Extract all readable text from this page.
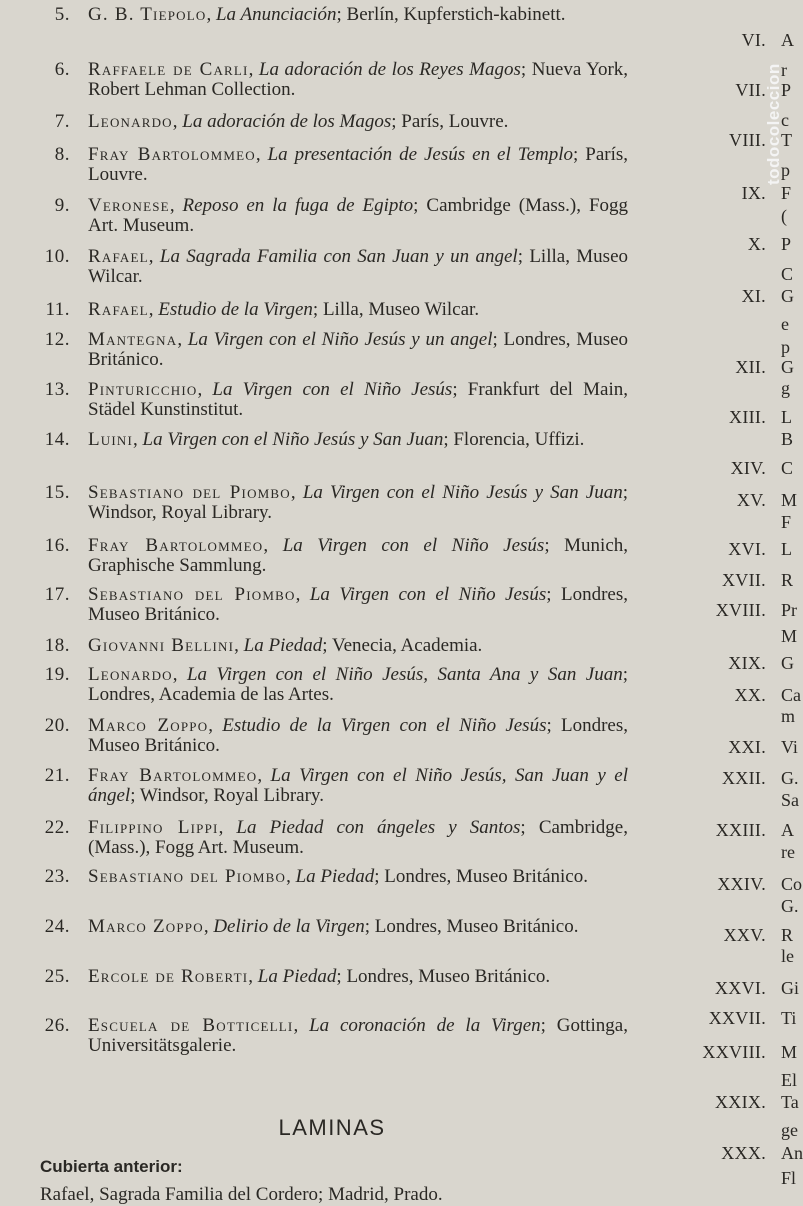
5. G. B. Tiepolo, La Anunciación; Berlín, Kupferstich-kabinett.
6. Raffaele de Carli, La adoración de los Reyes Magos; Nueva York, Robert Lehman Collection.
7. Leonardo, La adoración de los Magos; París, Louvre.
8. Fray Bartolommeo, La presentación de Jesús en el Templo; París, Louvre.
9. Veronese, Reposo en la fuga de Egipto; Cambridge (Mass.), Fogg Art. Museum.
10. Rafael, La Sagrada Familia con San Juan y un angel; Lilla, Museo Wilcar.
11. Rafael, Estudio de la Virgen; Lilla, Museo Wilcar.
12. Mantegna, La Virgen con el Niño Jesús y un angel; Londres, Museo Británico.
13. Pinturicchio, La Virgen con el Niño Jesús; Frankfurt del Main, Städel Kunstinstitut.
14. Luini, La Virgen con el Niño Jesús y San Juan; Florencia, Uffizi.
15. Sebastiano del Piombo, La Virgen con el Niño Jesús y San Juan; Windsor, Royal Library.
16. Fray Bartolommeo, La Virgen con el Niño Jesús; Munich, Graphische Sammlung.
17. Sebastiano del Piombo, La Virgen con el Niño Jesús; Londres, Museo Británico.
18. Giovanni Bellini, La Piedad; Venecia, Academia.
19. Leonardo, La Virgen con el Niño Jesús, Santa Ana y San Juan; Londres, Academia de las Artes.
20. Marco Zoppo, Estudio de la Virgen con el Niño Jesús; Londres, Museo Británico.
21. Fray Bartolommeo, La Virgen con el Niño Jesús, San Juan y el ángel; Windsor, Royal Library.
22. Filippino Lippi, La Piedad con ángeles y Santos; Cambridge, (Mass.), Fogg Art. Museum.
23. Sebastiano del Piombo, La Piedad; Londres, Museo Británico.
24. Marco Zoppo, Delirio de la Virgen; Londres, Museo Británico.
25. Ercole de Roberti, La Piedad; Londres, Museo Británico.
26. Escuela de Botticelli, La coronación de la Virgen; Gottinga, Universitätsgalerie.
VI. A
VII. P
VIII. T
IX. F
X. P
XI. G
XII. G
XIII. L
XIV. C
XV. M
XVI. L
XVII. R
XVIII. Pr
XIX. G
XX. Ca
XXI. Vi
XXII. G.
XXIII. A
XXIV. Co
XXV. R
XXVI. Gi
XXVII. Ti
XXVIII. M
XXIX. Ta
XXX. An
r
c
p
(
C
e
p
g
B
F
M
m
Sa
re
G.
le
El
ge
Fl
LAMINAS
Cubierta anterior:
Rafael, Sagrada Familia del Cordero; Madrid, Prado.
todocoleccion
